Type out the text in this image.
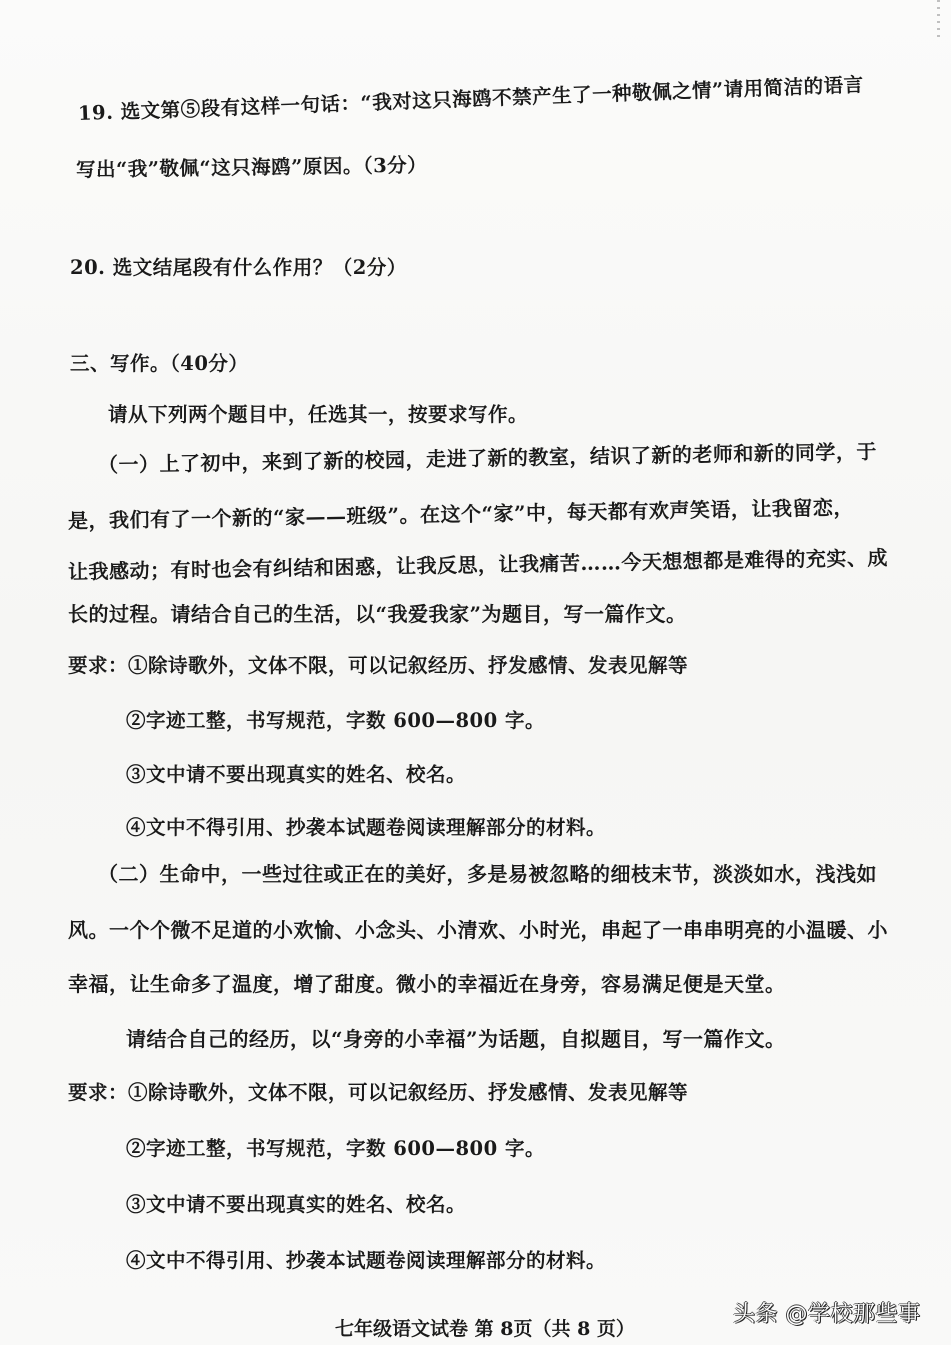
19. 选文第⑤段有这样一句话：“我对这只海鸥不禁产生了一种敬佩之情”请用简洁的语言
写出“我”敬佩“这只海鸥”原因。（3分）
20. 选文结尾段有什么作用？（2分）
三、写作。（40分）
请从下列两个题目中，任选其一，按要求写作。
（一）上了初中，来到了新的校园，走进了新的教室，结识了新的老师和新的同学，于
是，我们有了一个新的“家——班级”。在这个“家”中，每天都有欢声笑语，让我留恋，
让我感动；有时也会有纠结和困惑，让我反思，让我痛苦……今天想想都是难得的充实、成
长的过程。请结合自己的生活，以“我爱我家”为题目，写一篇作文。
要求：①除诗歌外，文体不限，可以记叙经历、抒发感情、发表见解等
②字迹工整，书写规范，字数 600—800 字。
③文中请不要出现真实的姓名、校名。
④文中不得引用、抄袭本试题卷阅读理解部分的材料。
（二）生命中，一些过往或正在的美好，多是易被忽略的细枝末节，淡淡如水，浅浅如
风。一个个微不足道的小欢愉、小念头、小清欢、小时光，串起了一串串明亮的小温暖、小
幸福，让生命多了温度，增了甜度。微小的幸福近在身旁，容易满足便是天堂。
请结合自己的经历，以“身旁的小幸福”为话题，自拟题目，写一篇作文。
要求：①除诗歌外，文体不限，可以记叙经历、抒发感情、发表见解等
②字迹工整，书写规范，字数 600—800 字。
③文中请不要出现真实的姓名、校名。
④文中不得引用、抄袭本试题卷阅读理解部分的材料。
七年级语文试卷 第 8页（共 8 页）
头条 @学校那些事
